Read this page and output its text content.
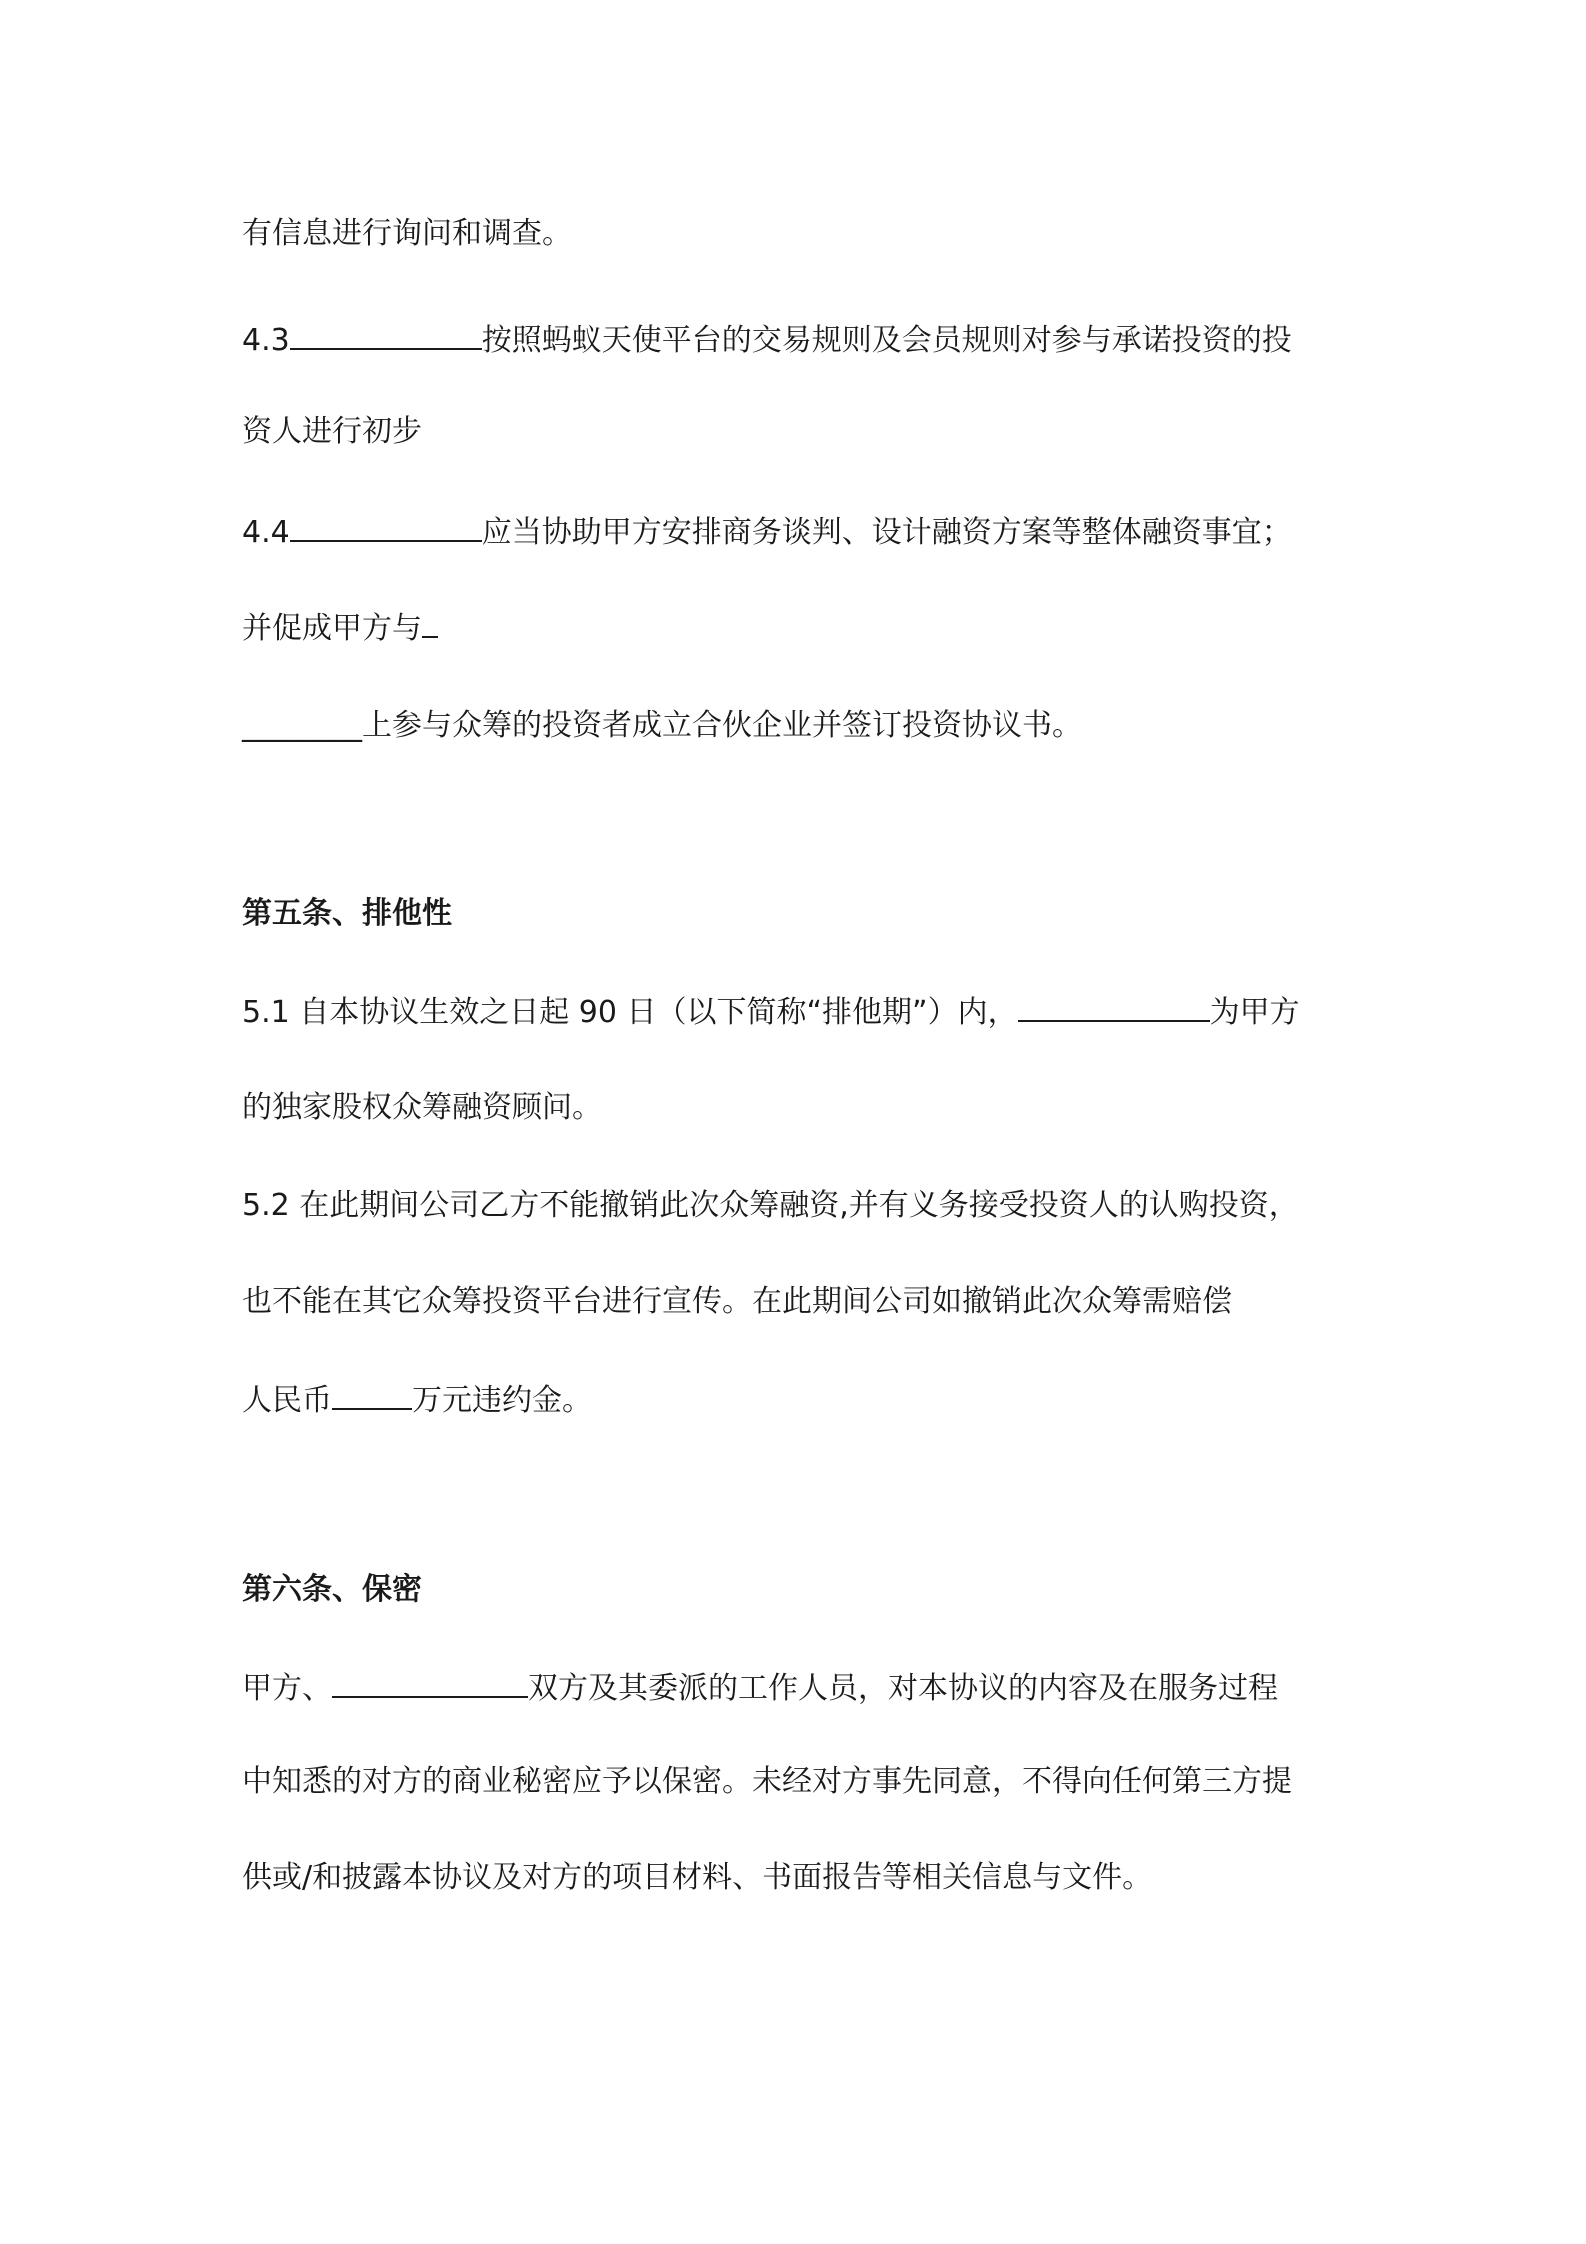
有信息进行询问和调查。
4.3	按照蚂蚁天使平台的交易规则及会员规则对参与承诺投资的投
资人进行初步
4.4	应当协助甲方安排商务谈判、设计融资方案等整体融资事宜；
并促成甲方与
________上参与众筹的投资者成立合伙企业并签订投资协议书。
第五条、排他性
5.1 自本协议生效之日起 90 日（以下简称“排他期”）内，	为甲方
的独家股权众筹融资顾问。
5.2 在此期间公司乙方不能撤销此次众筹融资,并有义务接受投资人的认购投资，
也不能在其它众筹投资平台进行宣传。在此期间公司如撤销此次众筹需赔偿
人民币	万元违约金。
第六条、保密
甲方、	双方及其委派的工作人员，对本协议的内容及在服务过程
中知悉的对方的商业秘密应予以保密。未经对方事先同意，不得向任何第三方提
供或/和披露本协议及对方的项目材料、书面报告等相关信息与文件。
